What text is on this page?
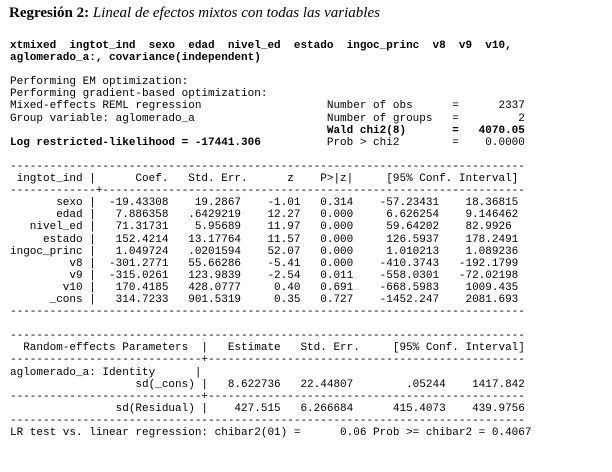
Regresión 2: Lineal de efectos mixtos con todas las variables
xtmixed  ingtot_ind  sexo  edad  nivel_ed  estado  ingoc_princ  v8  v9  v10,
aglomerado_a:, covariance(independent)

Performing EM optimization:
Performing gradient-based optimization:
Mixed-effects REML regression                   Number of obs      =      2337
Group variable: aglomerado_a                    Number of groups   =         2
Wald chi2(8)       =   4070.05
Log restricted-likelihood = -17441.306          Prob > chi2        =    0.0000

------------------------------------------------------------------------------
ingtot_ind |      Coef.   Std. Err.      z    P>|z|     [95% Conf. Interval]
-------------+----------------------------------------------------------------
sexo |  -19.43308    19.2867    -1.01   0.314    -57.23431    18.36815
edad |   7.886358   .6429219    12.27   0.000     6.626254    9.146462
nivel_ed |   71.31731    5.95689    11.97   0.000     59.64202    82.9926
estado |   152.4214   13.17764    11.57   0.000     126.5937    178.2491
ingoc_princ |   1.049724   .0201594    52.07   0.000     1.010213    1.089236
v8 |  -301.2771   55.66286    -5.41   0.000    -410.3743   -192.1799
v9 |  -315.0261   123.9839    -2.54   0.011    -558.0301   -72.02198
v10 |   170.4185   428.0777     0.40   0.691    -668.5983    1009.435
_cons |   314.7233   901.5319     0.35   0.727    -1452.247    2081.693
------------------------------------------------------------------------------

------------------------------------------------------------------------------
Random-effects Parameters  |   Estimate   Std. Err.     [95% Conf. Interval]
-----------------------------+------------------------------------------------
aglomerado_a: Identity      |
sd(_cons) |   8.622736   22.44807        .05244    1417.842
-----------------------------+------------------------------------------------
sd(Residual) |    427.515   6.266684      415.4073    439.9756
------------------------------------------------------------------------------
LR test vs. linear regression: chibar2(01) =      0.06 Prob >= chibar2 = 0.4067
